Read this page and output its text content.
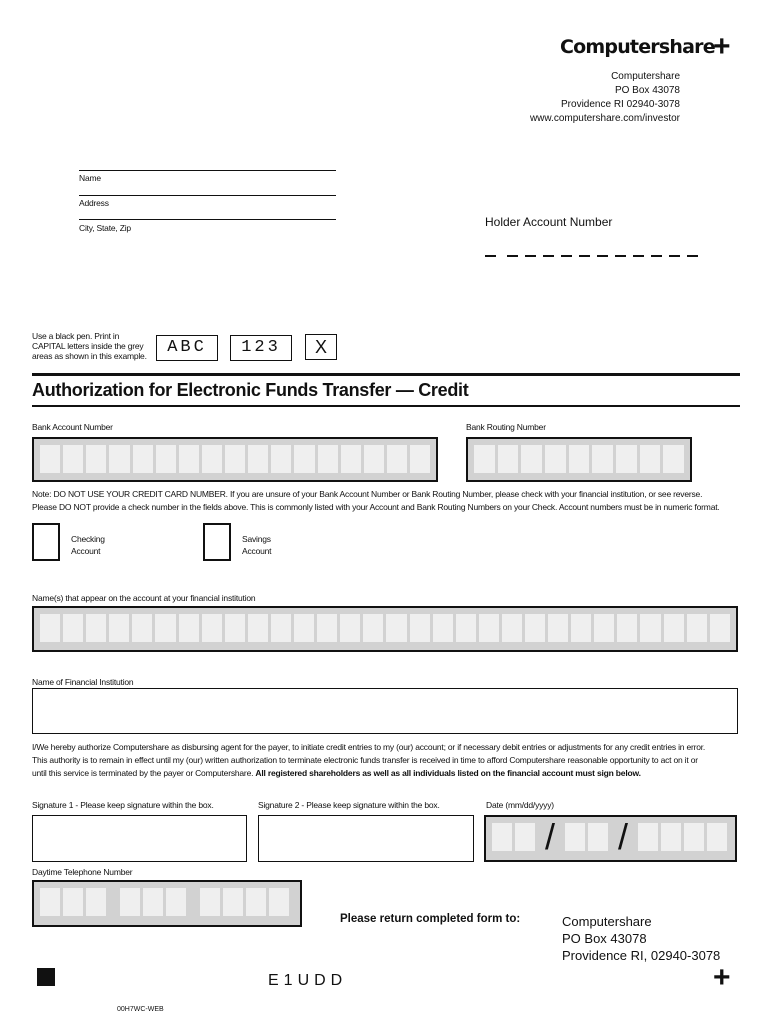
Computershare
+
Computershare
PO Box 43078
Providence RI 02940-3078
www.computershare.com/investor
Name
Address
City, State, Zip	Holder Account Number
Use a black pen. Print in
CAPITAL letters inside the grey
areas as shown in this example.	ABC	123	X
Authorization for Electronic Funds Transfer — Credit
Bank Account Number	Bank Routing Number
Note: DO NOT USE YOUR CREDIT CARD NUMBER. If you are unsure of your Bank Account Number or Bank Routing Number, please check with your financial institution, or see reverse.
Please DO NOT provide a check number in the fields above. This is commonly listed with your Account and Bank Routing Numbers on your Check. Account numbers must be in numeric format.
Checking
Account
Savings
Account
Name(s) that appear on the account at your financial institution
Name of Financial Institution
I/We hereby authorize Computershare as disbursing agent for the payer, to initiate credit entries to my (our) account; or if necessary debit entries or adjustments for any credit entries in error.
This authority is to remain in effect until my (our) written authorization to terminate electronic funds transfer is received in time to afford Computershare reasonable opportunity to act on it or
until this service is terminated by the payer or Computershare. All registered shareholders as well as all individuals listed on the financial account must sign below.
Signature 1 - Please keep signature within the box.	Signature 2 - Please keep signature within the box.	Date (mm/dd/yyyy)
/ /
Daytime Telephone Number
Please return completed form to:	Computershare
PO Box 43078
Providence RI, 02940-3078
E1UDD	+
00H7WC-WEB
